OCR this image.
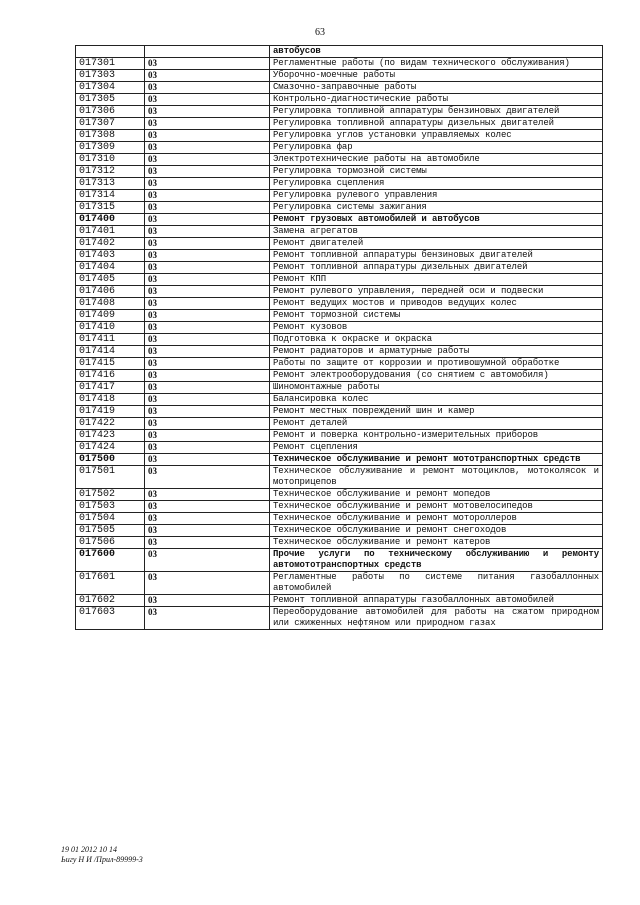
63
		автобусов
017301	03	Регламентные работы (по видам технического обслуживания)
017303	03	Уборочно-моечные работы
017304	03	Смазочно-заправочные работы
017305	03	Контрольно-диагностические работы
017306	03	Регулировка топливной аппаратуры бензиновых двигателей
017307	03	Регулировка топливной аппаратуры дизельных двигателей
017308	03	Регулировка углов установки управляемых колес
017309	03	Регулировка фар
017310	03	Электротехнические работы на автомобиле
017312	03	Регулировка тормозной системы
017313	03	Регулировка сцепления
017314	03	Регулировка рулевого управления
017315	03	Регулировка системы зажигания
017400	03	Ремонт грузовых автомобилей и автобусов
017401	03	Замена агрегатов
017402	03	Ремонт двигателей
017403	03	Ремонт топливной аппаратуры бензиновых двигателей
017404	03	Ремонт топливной аппаратуры дизельных двигателей
017405	03	Ремонт КПП
017406	03	Ремонт рулевого управления, передней оси и подвески
017408	03	Ремонт ведущих мостов и приводов ведущих колес
017409	03	Ремонт тормозной системы
017410	03	Ремонт кузовов
017411	03	Подготовка к окраске и окраска
017414	03	Ремонт радиаторов и арматурные работы
017415	03	Работы по защите от коррозии и противошумной обработке
017416	03	Ремонт электрооборудования (со снятием с автомобиля)
017417	03	Шиномонтажные работы
017418	03	Балансировка колес
017419	03	Ремонт местных повреждений шин и камер
017422	03	Ремонт деталей
017423	03	Ремонт и поверка контрольно-измерительных приборов
017424	03	Ремонт сцепления
017500	03	Техническое обслуживание и ремонт мототранспортных средств
017501	03	Техническое обслуживание и ремонт мотоциклов, мотоколясок и мотоприцепов
017502	03	Техническое обслуживание и ремонт мопедов
017503	03	Техническое обслуживание и ремонт мотовелосипедов
017504	03	Техническое обслуживание и ремонт мотороллеров
017505	03	Техническое обслуживание и ремонт снегоходов
017506	03	Техническое обслуживание и ремонт катеров
017600	03	Прочие услуги по техническому обслуживанию и ремонту автомототранспортных средств
017601	03	Регламентные работы по системе питания газобаллонных автомобилей
017602	03	Ремонт топливной аппаратуры газобаллонных автомобилей
017603	03	Переоборудование автомобилей для работы на сжатом природном или сжиженных нефтяном или природном газах
19 01 2012 10 14
Ьuгу Н И /Прил-89999-3
